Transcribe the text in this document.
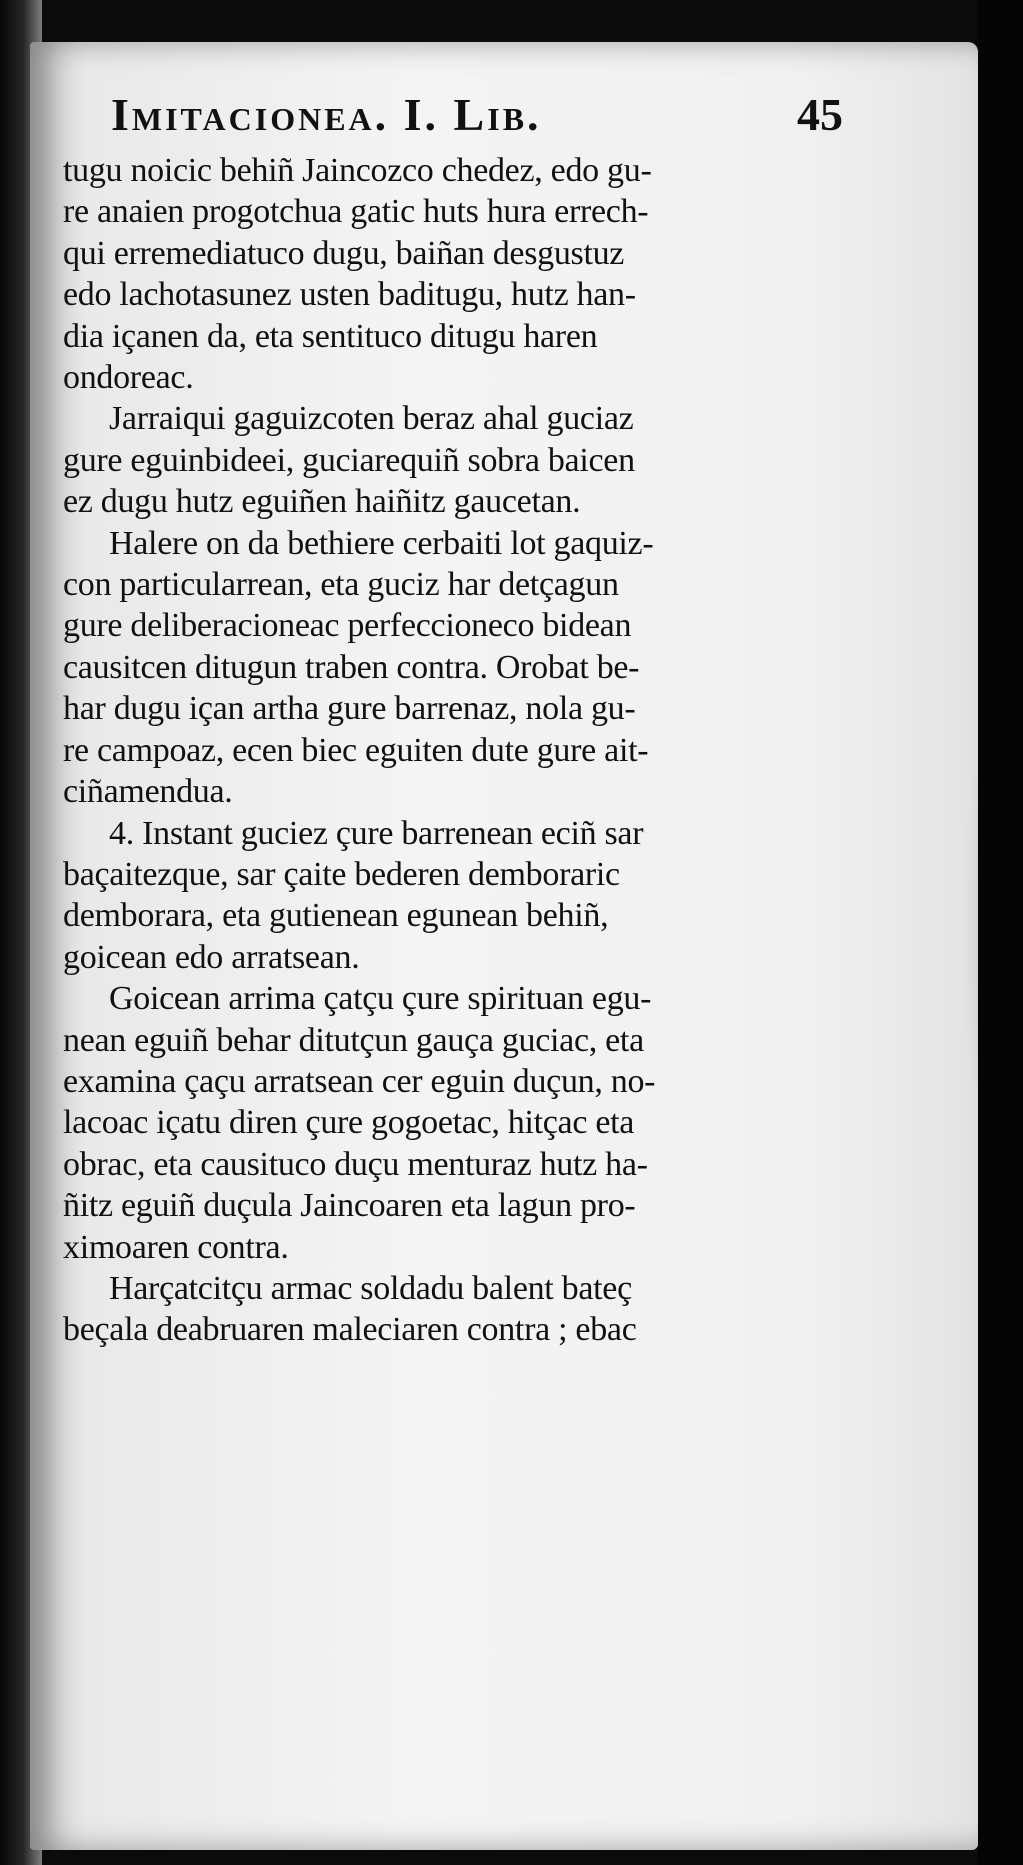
Imitacionea. I. Lib.	45
tugu noicic behiñ Jaincozco chedez, edo gu-
re anaien progotchua gatic huts hura errech-
qui erremediatuco dugu, baiñan desgustuz
edo lachotasunez usten baditugu, hutz han-
dia içanen da, eta sentituco ditugu haren
ondoreac.
Jarraiqui gaguizcoten beraz ahal guciaz
gure eguinbideei, guciarequiñ sobra baicen
ez dugu hutz eguiñen haiñitz gaucetan.
Halere on da bethiere cerbaiti lot gaquiz-
con particularrean, eta guciz har detçagun
gure deliberacioneac perfeccioneco bidean
causitcen ditugun traben contra. Orobat be-
har dugu içan artha gure barrenaz, nola gu-
re campoaz, ecen biec eguiten dute gure ait-
ciñamendua.
4. Instant guciez çure barrenean eciñ sar
baçaitezque, sar çaite bederen demboraric
demborara, eta gutienean egunean behiñ,
goicean edo arratsean.
Goicean arrima çatçu çure spirituan egu-
nean eguiñ behar ditutçun gauça guciac, eta
examina çaçu arratsean cer eguin duçun, no-
lacoac içatu diren çure gogoetac, hitçac eta
obrac, eta causituco duçu menturaz hutz ha-
ñitz eguiñ duçula Jaincoaren eta lagun pro-
ximoaren contra.
Harçatcitçu armac soldadu balent bateç
beçala deabruaren maleciaren contra ; ebac
